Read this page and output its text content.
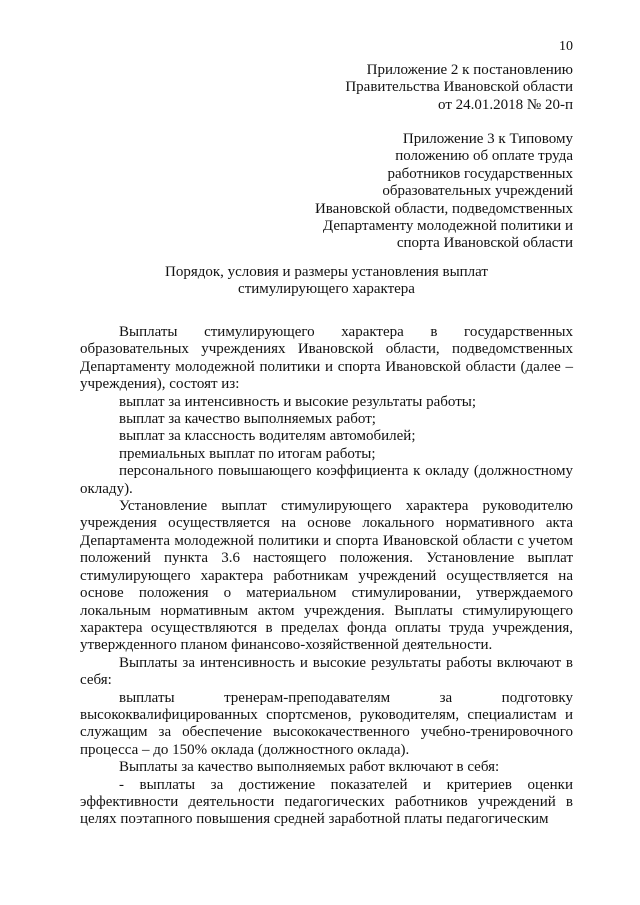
10
Приложение 2 к постановлению
Правительства Ивановской области
от 24.01.2018 № 20-п
Приложение 3 к Типовому
положению об оплате труда
работников государственных
образовательных учреждений
Ивановской области, подведомственных
Департаменту молодежной политики и
спорта Ивановской области
Порядок, условия и размеры установления выплат
стимулирующего характера

Выплаты стимулирующего характера в государственных образовательных учреждениях Ивановской области, подведомственных Департаменту молодежной политики и спорта Ивановской области (далее – учреждения), состоят из:

выплат за интенсивность и высокие результаты работы;

выплат за качество выполняемых работ;

выплат за классность водителям автомобилей;

премиальных выплат по итогам работы;

персонального повышающего коэффициента к окладу (должностному окладу).

Установление выплат стимулирующего характера руководителю учреждения осуществляется на основе локального нормативного акта Департамента молодежной политики и спорта Ивановской области с учетом положений пункта 3.6 настоящего положения. Установление выплат стимулирующего характера работникам учреждений осуществляется на основе положения о материальном стимулировании, утверждаемого локальным нормативным актом учреждения. Выплаты стимулирующего характера осуществляются в пределах фонда оплаты труда учреждения, утвержденного планом финансово-хозяйственной деятельности.

Выплаты за интенсивность и высокие результаты работы включают в себя:

выплаты тренерам-преподавателям за подготовку высококвалифицированных спортсменов, руководителям, специалистам и служащим за обеспечение высококачественного учебно-тренировочного процесса – до 150% оклада (должностного оклада).

Выплаты за качество выполняемых работ включают в себя:

- выплаты за достижение показателей и критериев оценки эффективности деятельности педагогических работников учреждений в целях поэтапного повышения средней заработной платы педагогическим
